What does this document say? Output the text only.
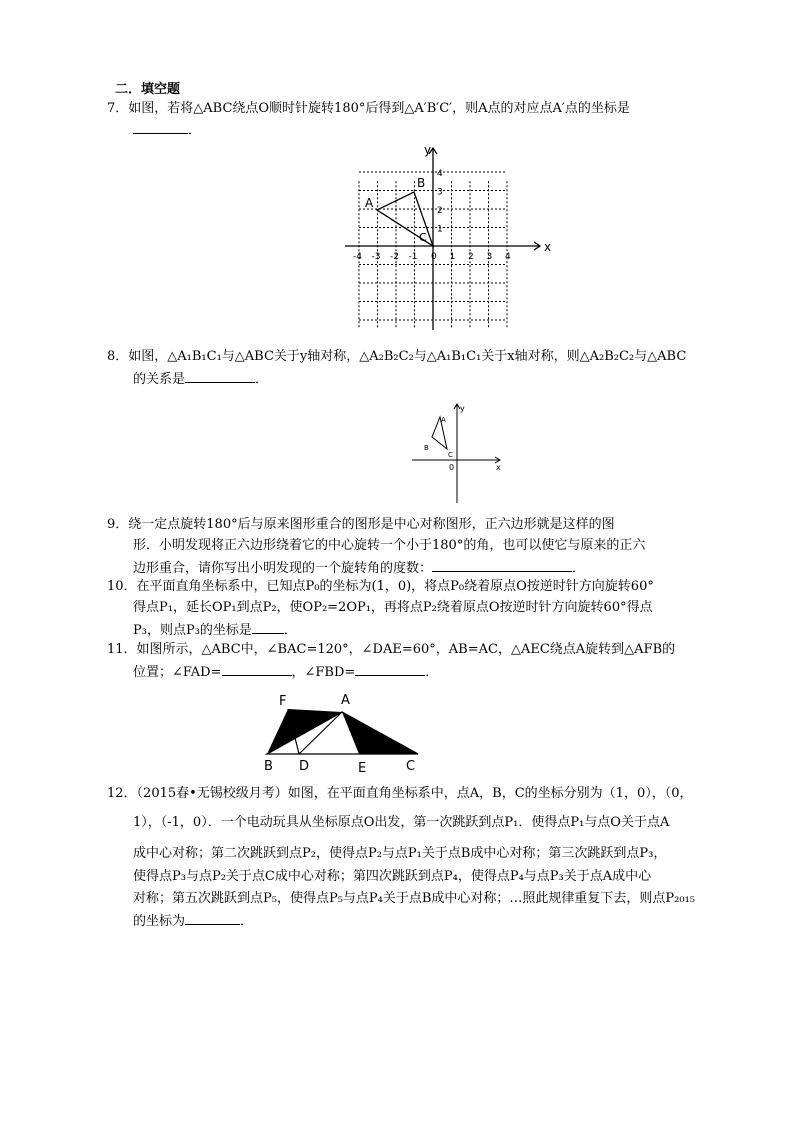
二．填空题
7．如图，若将△ABC绕点O顺时针旋转180°后得到△A′B′C′，则A点的对应点A′点的坐标是
．
x
y
-4 -3 -2 -1 0 1 2 3 4
4
3
2
1
A
B
C
8．如图，△A₁B₁C₁与△ABC关于y轴对称，△A₂B₂C₂与△A₁B₁C₁关于x轴对称，则△A₂B₂C₂与△ABC
的关系是	．
x
y
0
A
B
C
9．绕一定点旋转180°后与原来图形重合的图形是中心对称图形，正六边形就是这样的图
形．小明发现将正六边形绕着它的中心旋转一个小于180°的角，也可以使它与原来的正六
边形重合，请你写出小明发现的一个旋转角的度数：	．
10．在平面直角坐标系中，已知点P₀的坐标为(1，0)，将点P₀绕着原点O按逆时针方向旋转60°
得点P₁，延长OP₁到点P₂，使OP₂=2OP₁，再将点P₂绕着原点O按逆时针方向旋转60°得点
P₃，则点P₃的坐标是 ．
11．如图所示，△ABC中，∠BAC=120°，∠DAE=60°，AB=AC，△AEC绕点A旋转到△AFB的
位置；∠FAD=	，∠FBD=	．
F	A
B D	E	C
12．（2015春•无锡校级月考）如图，在平面直角坐标系中，点A，B，C的坐标分别为（1，0），（0，
1），（-1，0）．一个电动玩具从坐标原点O出发，第一次跳跃到点P₁．使得点P₁与点O关于点A
成中心对称；第二次跳跃到点P₂，使得点P₂与点P₁关于点B成中心对称；第三次跳跃到点P₃，
使得点P₃与点P₂关于点C成中心对称；第四次跳跃到点P₄，使得点P₄与点P₃关于点A成中心
对称；第五次跳跃到点P₅，使得点P₅与点P₄关于点B成中心对称；…照此规律重复下去，则点P₂₀₁₅
的坐标为	．
